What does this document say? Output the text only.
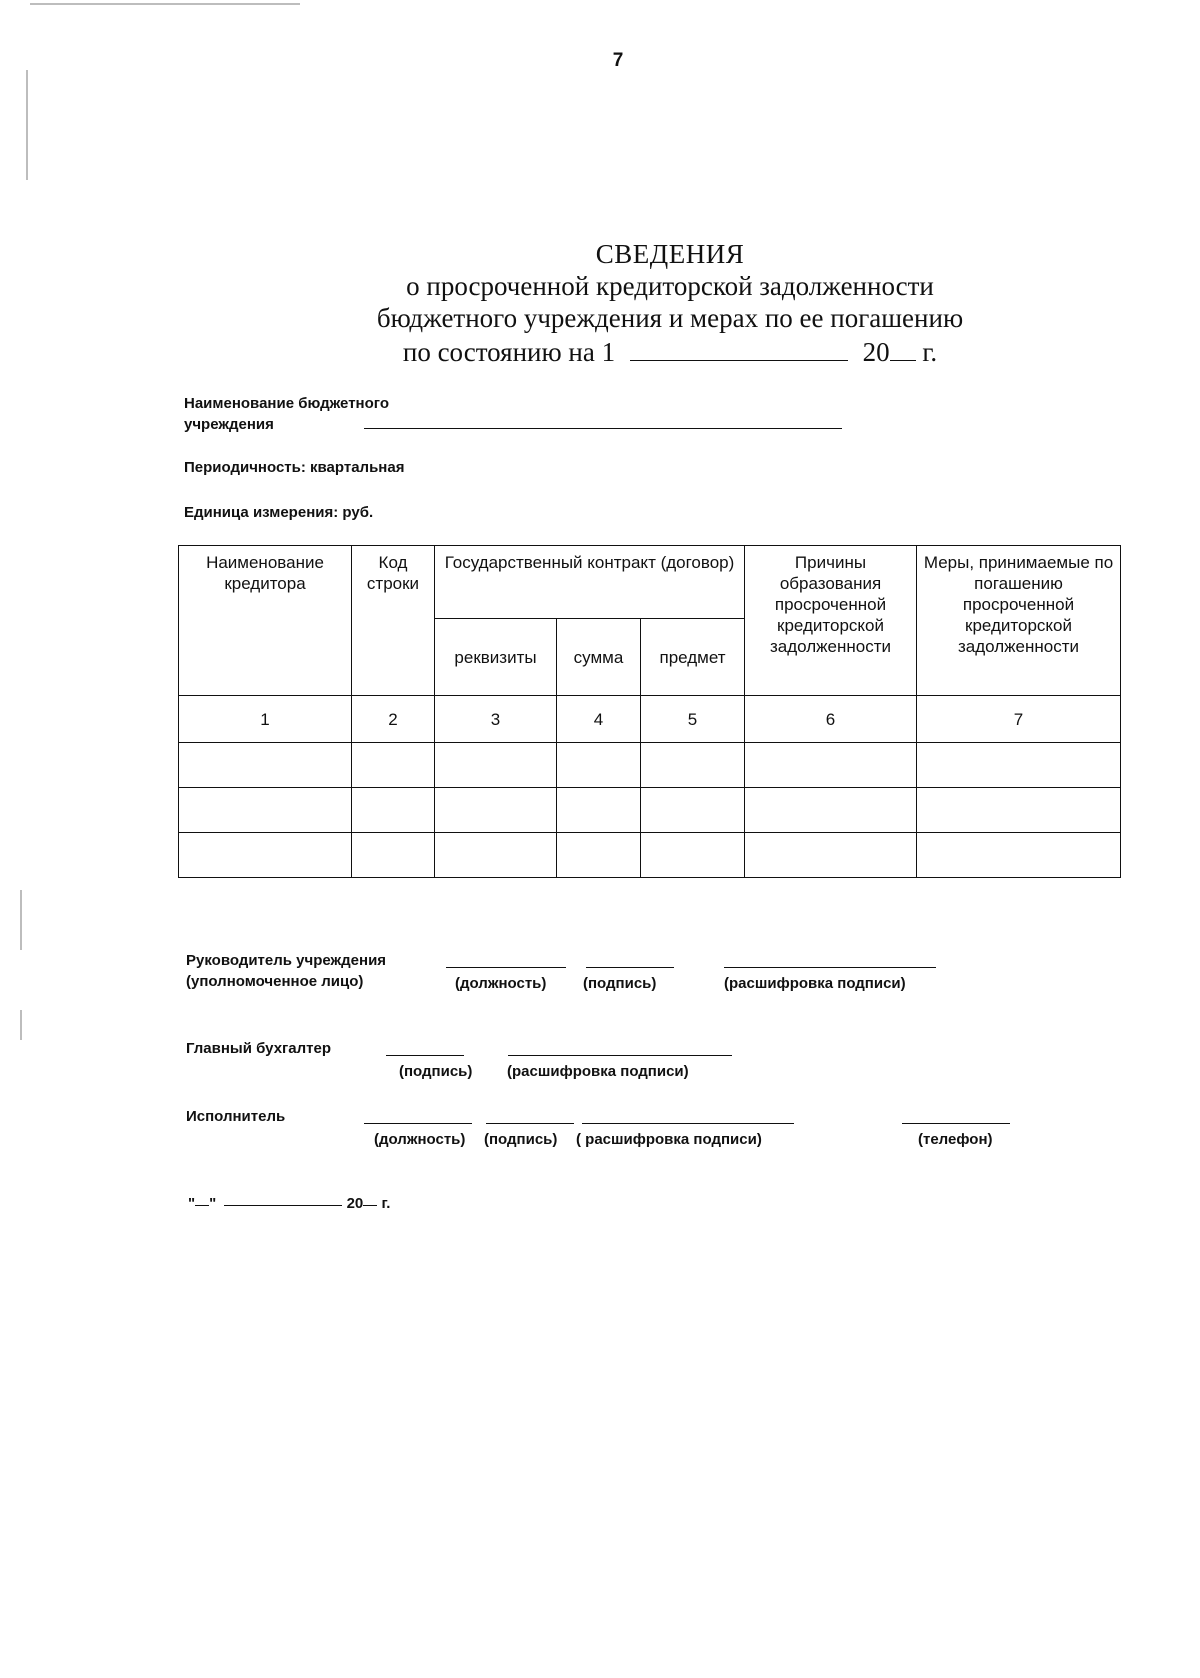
7
СВЕДЕНИЯ
о просроченной кредиторской задолженности
бюджетного учреждения и мерах по ее погашению
по состоянию на 1	20 г.
Наименование бюджетного
учреждения
Периодичность: квартальная
Единица измерения: руб.
Наименование кредитора	Код строки	Государственный контракт (договор)			Причины образования просроченной кредиторской задолженности	Меры, принимаемые по погашению просроченной кредиторской задолженности
		реквизиты	сумма	предмет		
1	2	3	4	5	6	7

Руководитель учреждения
(уполномоченное лицо)	(должность) (подпись)	(расшифровка подписи)
Главный бухгалтер
(подпись) (расшифровка подписи)
Исполнитель
(должность) (подпись) ( расшифровка подписи)	(телефон)
" "	20 г.
